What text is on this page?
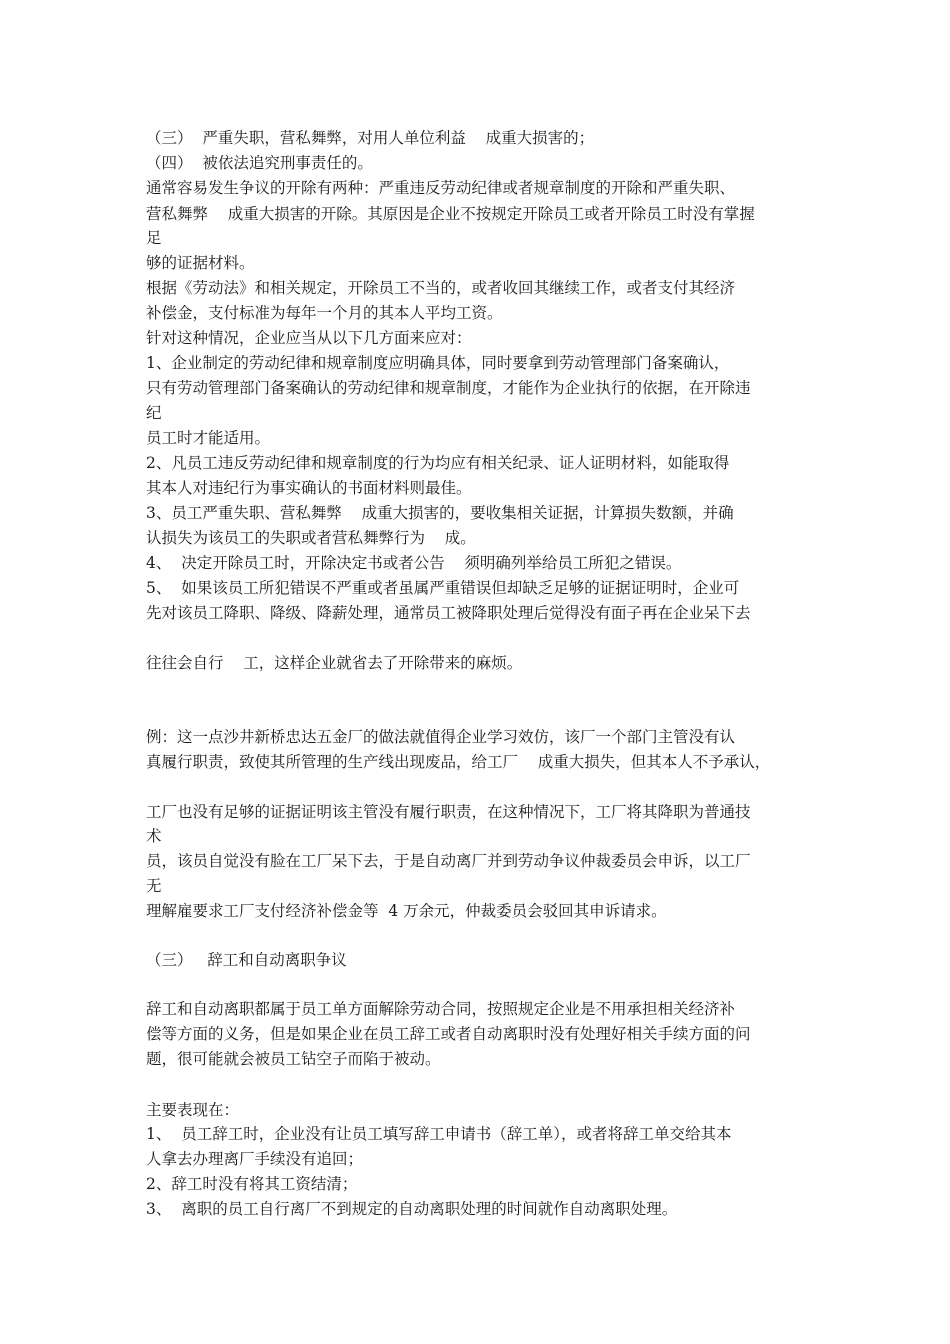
（三）  严重失职，营私舞弊，对用人单位利益    成重大损害的；

（四）  被依法追究刑事责任的。

通常容易发生争议的开除有两种：严重违反劳动纪律或者规章制度的开除和严重失职、

营私舞弊    成重大损害的开除。其原因是企业不按规定开除员工或者开除员工时没有掌握

足

够的证据材料。

根据《劳动法》和相关规定，开除员工不当的，或者收回其继续工作，或者支付其经济

补偿金，支付标准为每年一个月的其本人平均工资。

针对这种情况，企业应当从以下几方面来应对：

1、企业制定的劳动纪律和规章制度应明确具体，同时要拿到劳动管理部门备案确认，

只有劳动管理部门备案确认的劳动纪律和规章制度，才能作为企业执行的依据，在开除违

纪

员工时才能适用。

2、凡员工违反劳动纪律和规章制度的行为均应有相关纪录、证人证明材料，如能取得

其本人对违纪行为事实确认的书面材料则最佳。

3、员工严重失职、营私舞弊    成重大损害的，要收集相关证据，计算损失数额，并确

认损失为该员工的失职或者营私舞弊行为    成。

4、  决定开除员工时，开除决定书或者公告    须明确列举给员工所犯之错误。

5、  如果该员工所犯错误不严重或者虽属严重错误但却缺乏足够的证据证明时，企业可

先对该员工降职、降级、降薪处理，通常员工被降职处理后觉得没有面子再在企业呆下去

往往会自行    工，这样企业就省去了开除带来的麻烦。

例：这一点沙井新桥忠达五金厂的做法就值得企业学习效仿，该厂一个部门主管没有认

真履行职责，致使其所管理的生产线出现废品，给工厂    成重大损失，但其本人不予承认，

工厂也没有足够的证据证明该主管没有履行职责，在这种情况下，工厂将其降职为普通技

术

员，该员自觉没有脸在工厂呆下去，于是自动离厂并到劳动争议仲裁委员会申诉，以工厂

无

理解雇要求工厂支付经济补偿金等  4 万余元，仲裁委员会驳回其申诉请求。

（三）   辞工和自动离职争议

辞工和自动离职都属于员工单方面解除劳动合同，按照规定企业是不用承担相关经济补

偿等方面的义务，但是如果企业在员工辞工或者自动离职时没有处理好相关手续方面的问

题，很可能就会被员工钻空子而陷于被动。

主要表现在：

1、  员工辞工时，企业没有让员工填写辞工申请书（辞工单），或者将辞工单交给其本

人拿去办理离厂手续没有追回；

2、辞工时没有将其工资结清；

3、  离职的员工自行离厂不到规定的自动离职处理的时间就作自动离职处理。
